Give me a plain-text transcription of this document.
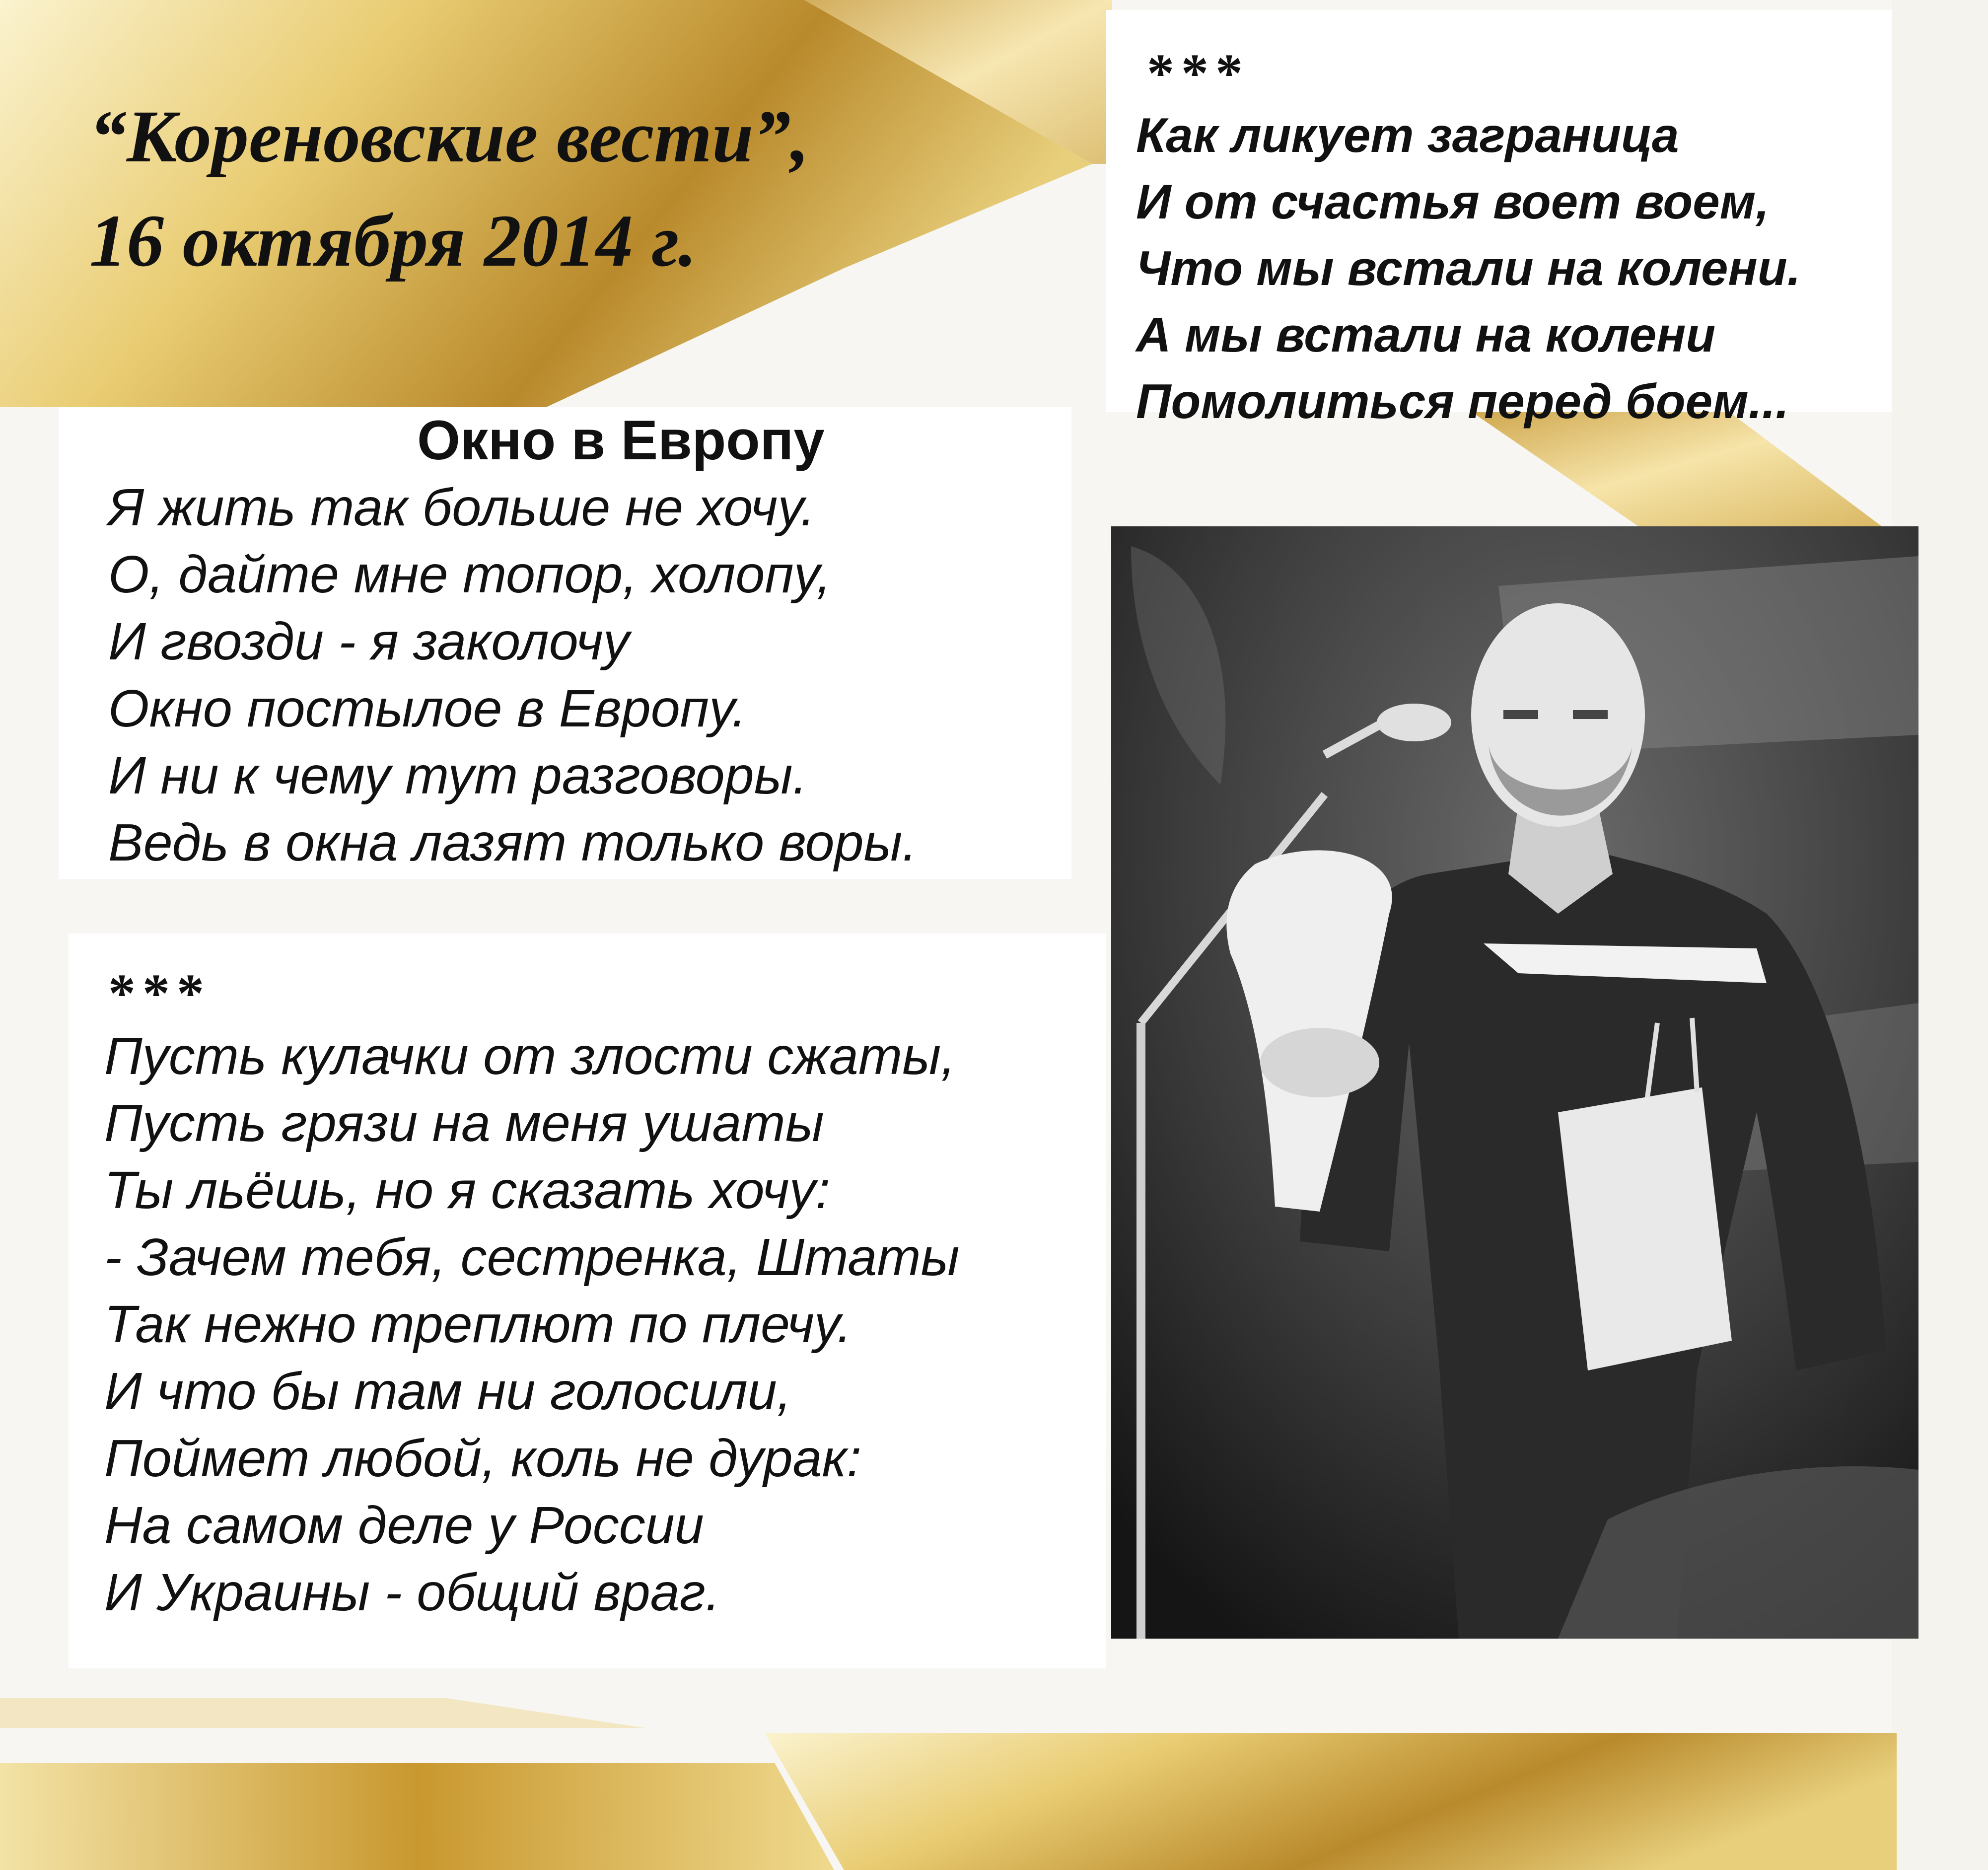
“Кореновские вести”,
16 октября 2014 г.
***
Как ликует заграница
И от счастья воет воем,
Что мы встали на колени.
А мы встали на колени
Помолиться перед боем...
Окно в Европу
Я жить так больше не хочу.
О, дайте мне топор, холопу,
И гвозди - я заколочу
Окно постылое в Европу.
И ни к чему тут разговоры.
Ведь в окна лазят только воры.
***
Пусть кулачки от злости сжаты,
Пусть грязи на меня ушаты
Ты льёшь, но я сказать хочу:
- Зачем тебя, сестренка, Штаты
Так нежно треплют по плечу.
И что бы там ни голосили,
Поймет любой, коль не дурак:
На самом деле у России
И Украины - общий враг.
